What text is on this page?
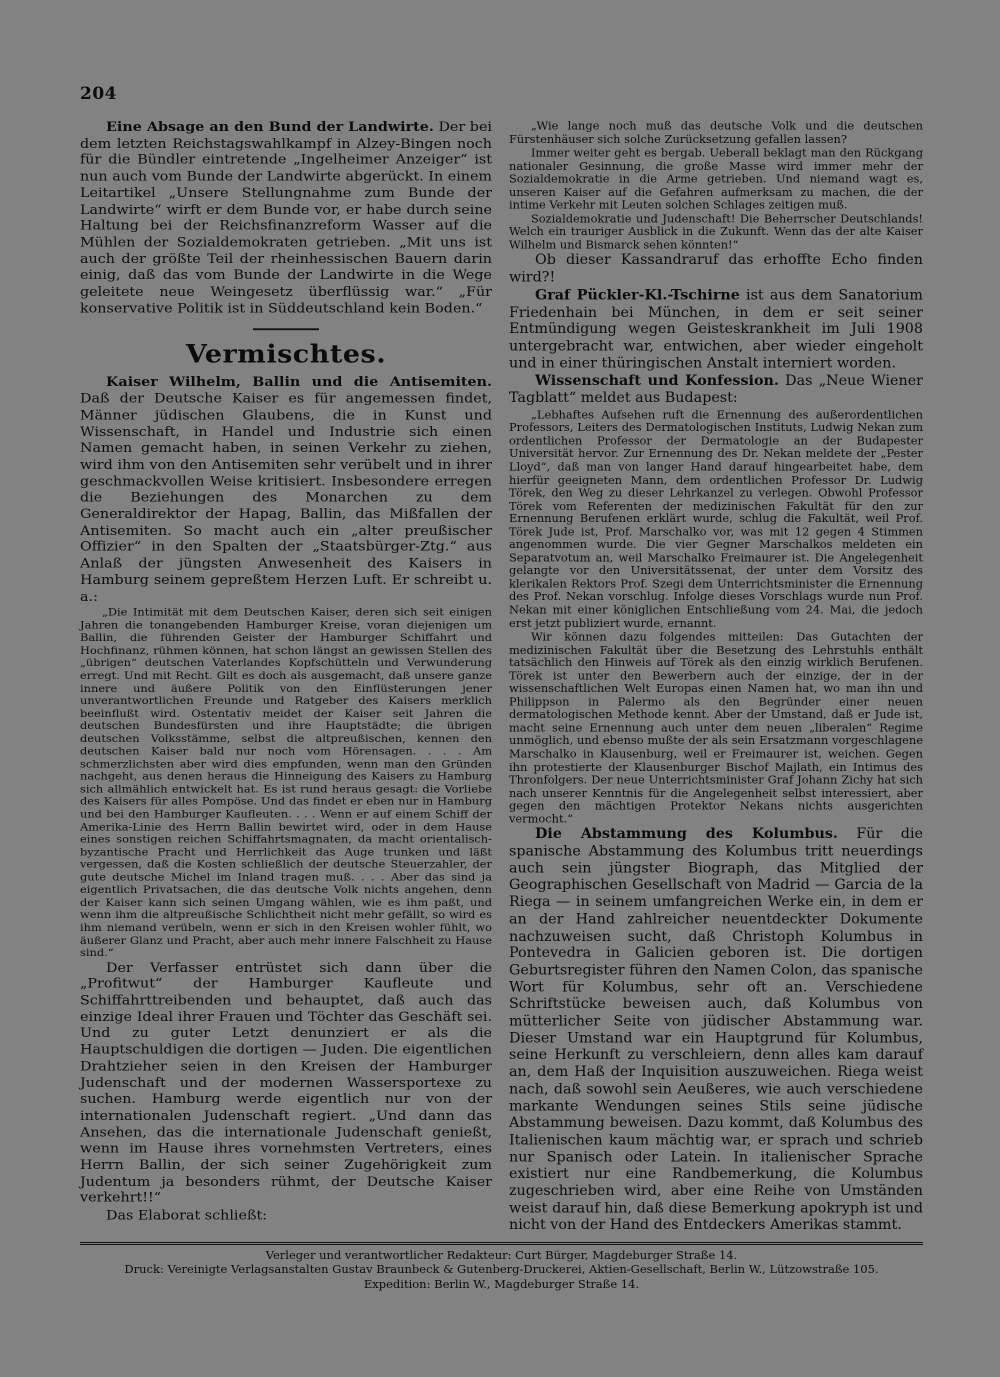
204

Eine Absage an den Bund der Landwirte. Der bei dem letzten Reichstagswahlkampf in Alzey-Bingen noch für die Bündler eintretende „Ingelheimer Anzeiger“ ist nun auch vom Bunde der Landwirte abgerückt. In einem Leitartikel „Unsere Stellungnahme zum Bunde der Landwirte“ wirft er dem Bunde vor, er habe durch seine Haltung bei der Reichsfinanzreform Wasser auf die Mühlen der Sozialdemokraten getrieben. „Mit uns ist auch der größte Teil der rheinhessischen Bauern darin einig, daß das vom Bunde der Landwirte in die Wege geleitete neue Weingesetz überflüssig war.“ „Für konservative Politik ist in Süddeutschland kein Boden.“

Vermischtes.

Kaiser Wilhelm, Ballin und die Antisemiten. Daß der Deutsche Kaiser es für angemessen findet, Männer jüdischen Glaubens, die in Kunst und Wissenschaft, in Handel und Industrie sich einen Namen gemacht haben, in seinen Verkehr zu ziehen, wird ihm von den Antisemiten sehr verübelt und in ihrer geschmackvollen Weise kritisiert. Insbesondere erregen die Beziehungen des Monarchen zu dem Generaldirektor der Hapag, Ballin, das Mißfallen der Antisemiten. So macht auch ein „alter preußischer Offizier“ in den Spalten der „Staatsbürger-Ztg.“ aus Anlaß der jüngsten Anwesenheit des Kaisers in Hamburg seinem gepreßtem Herzen Luft. Er schreibt u. a.:

„Die Intimität mit dem Deutschen Kaiser, deren sich seit einigen Jahren die tonangebenden Hamburger Kreise, voran diejenigen um Ballin, die führenden Geister der Hamburger Schiffahrt und Hochfinanz, rühmen können, hat schon längst an gewissen Stellen des „übrigen“ deutschen Vaterlandes Kopfschütteln und Verwunderung erregt. Und mit Recht. Gilt es doch als ausgemacht, daß unsere ganze innere und äußere Politik von den Einflüsterungen jener unverantwortlichen Freunde und Ratgeber des Kaisers merklich beeinflußt wird. Ostentativ meidet der Kaiser seit Jahren die deutschen Bundesfürsten und ihre Hauptstädte; die übrigen deutschen Volksstämme, selbst die altpreußischen, kennen den deutschen Kaiser bald nur noch vom Hörensagen. . . . Am schmerzlichsten aber wird dies empfunden, wenn man den Gründen nachgeht, aus denen heraus die Hinneigung des Kaisers zu Hamburg sich allmählich entwickelt hat. Es ist rund heraus gesagt: die Vorliebe des Kaisers für alles Pompöse. Und das findet er eben nur in Hamburg und bei den Hamburger Kaufleuten. . . . Wenn er auf einem Schiff der Amerika-Linie des Herrn Ballin bewirtet wird, oder in dem Hause eines sonstigen reichen Schiffahrtsmagnaten, da macht orientalisch-byzantische Pracht und Herrlichkeit das Auge trunken und läßt vergessen, daß die Kosten schließlich der deutsche Steuerzahler, der gute deutsche Michel im Inland tragen muß. . . . Aber das sind ja eigentlich Privatsachen, die das deutsche Volk nichts angehen, denn der Kaiser kann sich seinen Umgang wählen, wie es ihm paßt, und wenn ihm die altpreußische Schlichtheit nicht mehr gefällt, so wird es ihm niemand verübeln, wenn er sich in den Kreisen wohler fühlt, wo äußerer Glanz und Pracht, aber auch mehr innere Falschheit zu Hause sind.“

Der Verfasser entrüstet sich dann über die „Profitwut“ der Hamburger Kaufleute und Schiffahrttreibenden und behauptet, daß auch das einzige Ideal ihrer Frauen und Töchter das Geschäft sei. Und zu guter Letzt denunziert er als die Hauptschuldigen die dortigen — Juden. Die eigentlichen Drahtzieher seien in den Kreisen der Hamburger Judenschaft und der modernen Wassersportexe zu suchen. Hamburg werde eigentlich nur von der internationalen Judenschaft regiert. „Und dann das Ansehen, das die internationale Judenschaft genießt, wenn im Hause ihres vornehmsten Vertreters, eines Herrn Ballin, der sich seiner Zugehörigkeit zum Judentum ja besonders rühmt, der Deutsche Kaiser verkehrt!!“

Das Elaborat schließt:

„Wie lange noch muß das deutsche Volk und die deutschen Fürstenhäuser sich solche Zurücksetzung gefallen lassen?

Immer weiter geht es bergab. Ueberall beklagt man den Rückgang nationaler Gesinnung, die große Masse wird immer mehr der Sozialdemokratie in die Arme getrieben. Und niemand wagt es, unseren Kaiser auf die Gefahren aufmerksam zu machen, die der intime Verkehr mit Leuten solchen Schlages zeitigen muß.

Sozialdemokratie und Judenschaft! Die Beherrscher Deutschlands! Welch ein trauriger Ausblick in die Zukunft. Wenn das der alte Kaiser Wilhelm und Bismarck sehen könnten!“

Ob dieser Kassandraruf das erhoffte Echo finden wird?!

Graf Pückler-Kl.-Tschirne ist aus dem Sanatorium Friedenhain bei München, in dem er seit seiner Entmündigung wegen Geisteskrankheit im Juli 1908 untergebracht war, entwichen, aber wieder eingeholt und in einer thüringischen Anstalt interniert worden.

Wissenschaft und Konfession. Das „Neue Wiener Tagblatt“ meldet aus Budapest:

„Lebhaftes Aufsehen ruft die Ernennung des außerordentlichen Professors, Leiters des Dermatologischen Instituts, Ludwig Nekan zum ordentlichen Professor der Dermatologie an der Budapester Universität hervor. Zur Ernennung des Dr. Nekan meldete der „Pester Lloyd“, daß man von langer Hand darauf hingearbeitet habe, dem hierfür geeigneten Mann, dem ordentlichen Professor Dr. Ludwig Törek, den Weg zu dieser Lehrkanzel zu verlegen. Obwohl Professor Törek vom Referenten der medizinischen Fakultät für den zur Ernennung Berufenen erklärt wurde, schlug die Fakultät, weil Prof. Törek Jude ist, Prof. Marschalko vor, was mit 12 gegen 4 Stimmen angenommen wurde. Die vier Gegner Marschalkos meldeten ein Separatvotum an, weil Marschalko Freimaurer ist. Die Angelegenheit gelangte vor den Universitätssenat, der unter dem Vorsitz des klerikalen Rektors Prof. Szegi dem Unterrichtsminister die Ernennung des Prof. Nekan vorschlug. Infolge dieses Vorschlags wurde nun Prof. Nekan mit einer königlichen Entschließung vom 24. Mai, die jedoch erst jetzt publiziert wurde, ernannt.

Wir können dazu folgendes mitteilen: Das Gutachten der medizinischen Fakultät über die Besetzung des Lehrstuhls enthält tatsächlich den Hinweis auf Törek als den einzig wirklich Berufenen. Törek ist unter den Bewerbern auch der einzige, der in der wissenschaftlichen Welt Europas einen Namen hat, wo man ihn und Philippson in Palermo als den Begründer einer neuen dermatologischen Methode kennt. Aber der Umstand, daß er Jude ist, macht seine Ernennung auch unter dem neuen „liberalen“ Regime unmöglich, und ebenso mußte der als sein Ersatzmann vorgeschlagene Marschalko in Klausenburg, weil er Freimaurer ist, weichen. Gegen ihn protestierte der Klausenburger Bischof Majlath, ein Intimus des Thronfolgers. Der neue Unterrichtsminister Graf Johann Zichy hat sich nach unserer Kenntnis für die Angelegenheit selbst interessiert, aber gegen den mächtigen Protektor Nekans nichts ausgerichten vermocht.“

Die Abstammung des Kolumbus. Für die spanische Abstammung des Kolumbus tritt neuerdings auch sein jüngster Biograph, das Mitglied der Geographischen Gesellschaft von Madrid — Garcia de la Riega — in seinem umfangreichen Werke ein, in dem er an der Hand zahlreicher neuentdeckter Dokumente nachzuweisen sucht, daß Christoph Kolumbus in Pontevedra in Galicien geboren ist. Die dortigen Geburtsregister führen den Namen Colon, das spanische Wort für Kolumbus, sehr oft an. Verschiedene Schriftstücke beweisen auch, daß Kolumbus von mütterlicher Seite von jüdischer Abstammung war. Dieser Umstand war ein Hauptgrund für Kolumbus, seine Herkunft zu verschleiern, denn alles kam darauf an, dem Haß der Inquisition auszuweichen. Riega weist nach, daß sowohl sein Aeußeres, wie auch verschiedene markante Wendungen seines Stils seine jüdische Abstammung beweisen. Dazu kommt, daß Kolumbus des Italienischen kaum mächtig war, er sprach und schrieb nur Spanisch oder Latein. In italienischer Sprache existiert nur eine Randbemerkung, die Kolumbus zugeschrieben wird, aber eine Reihe von Umständen weist darauf hin, daß diese Bemerkung apokryph ist und nicht von der Hand des Entdeckers Amerikas stammt.

Verleger und verantwortlicher Redakteur: Curt Bürger, Magdeburger Straße 14.
Druck: Vereinigte Verlagsanstalten Gustav Braunbeck & Gutenberg-Druckerei, Aktien-Gesellschaft, Berlin W., Lützowstraße 105.
Expedition: Berlin W., Magdeburger Straße 14.
